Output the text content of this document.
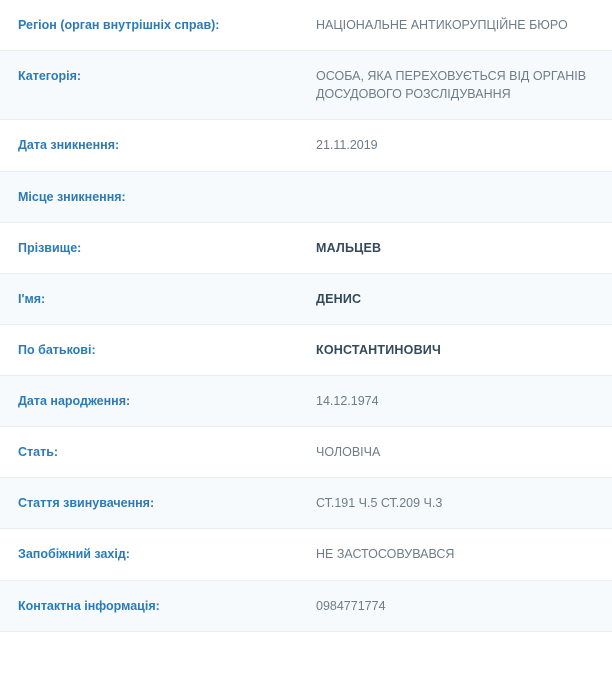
Регіон (орган внутрішніх справ):	НАЦІОНАЛЬНЕ АНТИКОРУПЦІЙНЕ БЮРО
Категорія:	ОСОБА, ЯКА ПЕРЕХОВУЄТЬСЯ ВІД ОРГАНІВ ДОСУДОВОГО РОЗСЛІДУВАННЯ
Дата зникнення:	21.11.2019
Місце зникнення:	
Прізвище:	МАЛЬЦЕВ
І'мя:	ДЕНИС
По батькові:	КОНСТАНТИНОВИЧ
Дата народження:	14.12.1974
Стать:	ЧОЛОВІЧА
Стаття звинувачення:	СТ.191 Ч.5 СТ.209 Ч.3
Запобіжний захід:	НЕ ЗАСТОСОВУВАВСЯ
Контактна інформація:	0984771774
